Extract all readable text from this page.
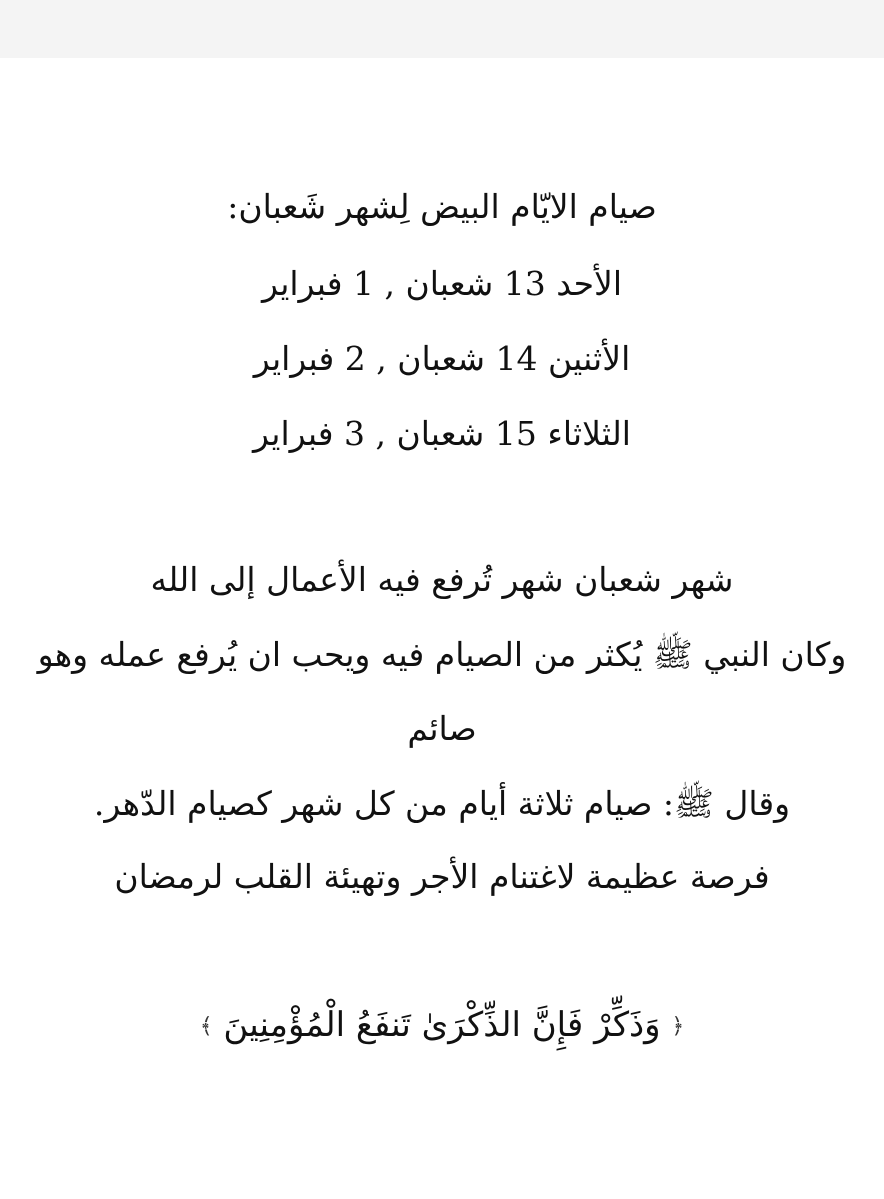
صيام الايّام البيض لِشهر شَعبان:
الأحد 13 شعبان , 1 فبراير
الأثنين 14 شعبان , 2 فبراير
الثلاثاء 15 شعبان , 3 فبراير
شهر شعبان شهر تُرفع فيه الأعمال إلى الله
وكان النبي ﷺ يُكثر من الصيام فيه ويحب ان يُرفع عمله وهو
صائم
وقال ﷺ: صيام ثلاثة أيام من كل شهر كصيام الدّهر.
فرصة عظيمة لاغتنام الأجر وتهيئة القلب لرمضان
﴿ وَذَكِّرْ فَإِنَّ الذِّكْرَىٰ تَنفَعُ الْمُؤْمِنِينَ ﴾
